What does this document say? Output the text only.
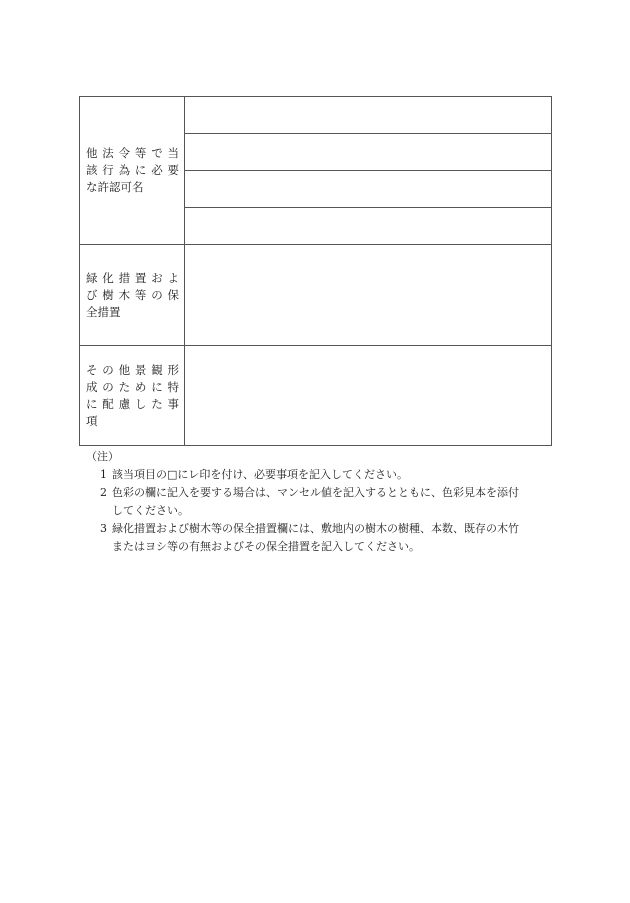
他 法 令 等 で 当
該 行 為 に 必 要
な許認可名	

緑 化 措 置 お よ
び 樹 木 等 の 保
全措置	

そ の 他 景 観 形
成 の た め に 特
に 配 慮 し た 事
項	

（注）
1 該当項目の□にレ印を付け、必要事項を記入してください。
2 色彩の欄に記入を要する場合は、マンセル値を記入するとともに、色彩見本を添付
してください。
3 緑化措置および樹木等の保全措置欄には、敷地内の樹木の樹種、本数、既存の木竹
またはヨシ等の有無およびその保全措置を記入してください。
